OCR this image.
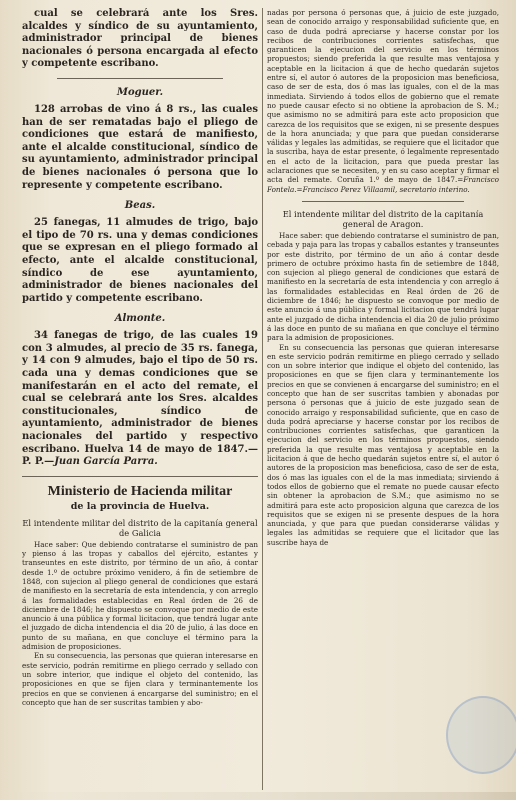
cual se celebrará ante los Sres. alcaldes y síndico de su ayuntamiento, administrador principal de bienes nacionales ó persona encargada al efecto y competente escribano.

Moguer.

128 arrobas de vino á 8 rs., las cuales han de ser rematadas bajo el pliego de condiciones que estará de manifiesto, ante el alcalde constitucional, síndico de su ayuntamiento, administrador principal de bienes nacionales ó persona que lo represente y competente escribano.

Beas.

25 fanegas, 11 almudes de trigo, bajo el tipo de 70 rs. una y demas condiciones que se expresan en el pliego formado al efecto, ante el alcalde constitucional, síndico de ese ayuntamiento, administrador de bienes nacionales del partido y competente escribano.

Almonte.

34 fanegas de trigo, de las cuales 19 con 3 almudes, al precio de 35 rs. fanega, y 14 con 9 almudes, bajo el tipo de 50 rs. cada una y demas condiciones que se manifestarán en el acto del remate, el cual se celebrará ante los Sres. alcaldes constitucionales, síndico de ayuntamiento, administrador de bienes nacionales del partido y respectivo escribano. Huelva 14 de mayo de 1847.—P. P.—Juan García Parra.

Ministerio de Hacienda militar
de la provincia de Huelva.

El intendente militar del distrito de la capitanía general de Galicia

Hace saber: Que debiendo contratarse el suministro de pan y pienso á las tropas y caballos del ejército, estantes y transeuntes en este distrito, por término de un año, á contar desde 1.º de octubre próximo venidero, á fin de setiembre de 1848, con sujecion al pliego general de condiciones que estará de manifiesto en la secretaría de esta intendencia, y con arreglo á las formalidades establecidas en Real órden de 26 de diciembre de 1846; he dispuesto se convoque por medio de este anuncio á una pública y formal licitacion, que tendrá lugar ante el juzgado de dicha intendencia el dia 20 de julio, á las doce en punto de su mañana, en que concluye el término para la admision de proposiciones.

En su consecuencia, las personas que quieran interesarse en este servicio, podrán remitirme en pliego cerrado y sellado con un sobre interior, que indique el objeto del contenido, las proposiciones en que se fijen clara y terminantemente los precios en que se convienen á encargarse del suministro; en el concepto que han de ser suscritas tambien y abo-

nadas por persona ó personas que, á juicio de este juzgado, sean de conocido arraigo y responsabilidad suficiente que, en caso de duda podrá apreciarse y hacerse constar por los recibos de contribuciones corrientes satisfechas, que garanticen la ejecucion del servicio en los términos propuestos; siendo preferida la que resulte mas ventajosa y aceptable en la licitacion á que de hecho quedarán sujetos entre sí, el autor ó autores de la proposicion mas beneficiosa, caso de ser de esta, dos ó mas las iguales, con el de la mas inmediata. Sirviendo á todos ellos de gobierno que el remate no puede causar efecto si no obtiene la aprobacion de S. M.; que asimismo no se admitirá para este acto proposicion que carezca de los requisitos que se exigen, ni se presente despues de la hora anunciada; y que para que puedan considerarse válidas y legales las admitidas, se requiere que el licitador que la suscriba, haya de estar presente, ó legalmente representado en el acto de la licitacion, para que pueda prestar las aclaraciones que se necesiten, y en su caso aceptar y firmar el acta del remate. Coruña 1.º de mayo de 1847.=Francisco Fontela.=Francisco Perez Villaamil, secretario interino.

El intendente militar del distrito de la capitanía general de Aragon.

Hace saber: que debiendo contratarse el suministro de pan, cebada y paja para las tropas y caballos estantes y transeuntes por este distrito, por término de un año á contar desde primero de octubre próximo hasta fin de setiembre de 1848, con sujecion al pliego general de condiciones que estará de manifiesto en la secretaría de esta intendencia y con arreglo á las formalidades establecidas en Real órden de 26 de diciembre de 1846; he dispuesto se convoque por medio de este anuncio á una pública y formal licitacion que tendrá lugar ante el juzgado de dicha intendencia el dia 20 de julio próximo á las doce en punto de su mañana en que concluye el término para la admision de proposiciones.

En su consecuencia las personas que quieran interesarse en este servicio podrán remitirme en pliego cerrado y sellado con un sobre interior que indique el objeto del contenido, las proposiciones en que se fijen clara y terminantemente los precios en que se convienen á encargarse del suministro; en el concepto que han de ser suscritas tambien y abonadas por persona ó personas que á juicio de este juzgado sean de conocido arraigo y responsabilidad suficiente, que en caso de duda podrá apreciarse y hacerse constar por los recibos de contribuciones corrientes satisfechas, que garanticen la ejecucion del servicio en los términos propuestos, siendo preferida la que resulte mas ventajosa y aceptable en la licitacion á que de hecho quedarán sujetos entre sí, el autor ó autores de la proposicion mas beneficiosa, caso de ser de esta, dos ó mas las iguales con el de la mas inmediata; sirviendo á todos ellos de gobierno que el remate no puede causar efecto sin obtener la aprobacion de S.M.; que asimismo no se admitirá para este acto proposicion alguna que carezca de los requisitos que se exigen ni se presente despues de la hora anunciada, y que para que puedan considerarse válidas y legales las admitidas se requiere que el licitador que las suscribe haya de
